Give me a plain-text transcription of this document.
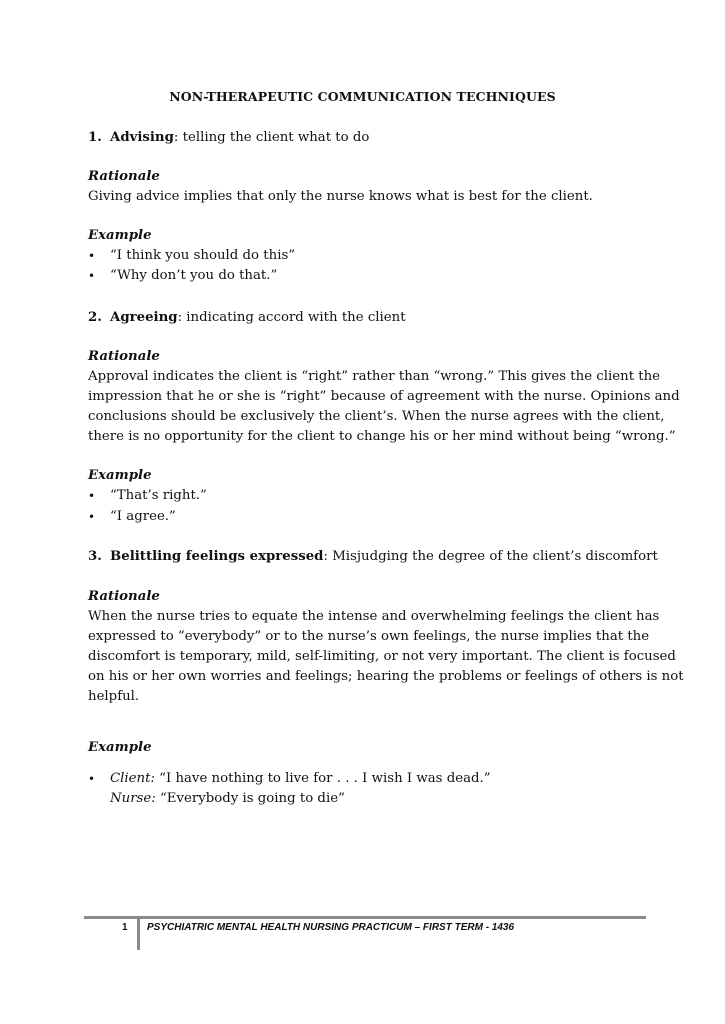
NON-THERAPEUTIC COMMUNICATION TECHNIQUES
1. Advising: telling the client what to do
Rationale
Giving advice implies that only the nurse knows what is best for the client.
Example
• “I think you should do this”
• “Why don’t you do that.”
2. Agreeing: indicating accord with the client
Rationale
Approval indicates the client is “right” rather than “wrong.” This gives the client the
impression that he or she is “right” because of agreement with the nurse. Opinions and
conclusions should be exclusively the client’s. When the nurse agrees with the client,
there is no opportunity for the client to change his or her mind without being “wrong.”
Example
• “That’s right.”
• “I agree.”
3. Belittling feelings expressed: Misjudging the degree of the client’s discomfort
Rationale
When the nurse tries to equate the intense and overwhelming feelings the client has
expressed to “everybody” or to the nurse’s own feelings, the nurse implies that the
discomfort is temporary, mild, self-limiting, or not very important. The client is focused
on his or her own worries and feelings; hearing the problems or feelings of others is not
helpful.
Example
• Client: “I have nothing to live for . . . I wish I was dead.”
Nurse: “Everybody is going to die”
1 PSYCHIATRIC MENTAL HEALTH NURSING PRACTICUM – FIRST TERM - 1436
